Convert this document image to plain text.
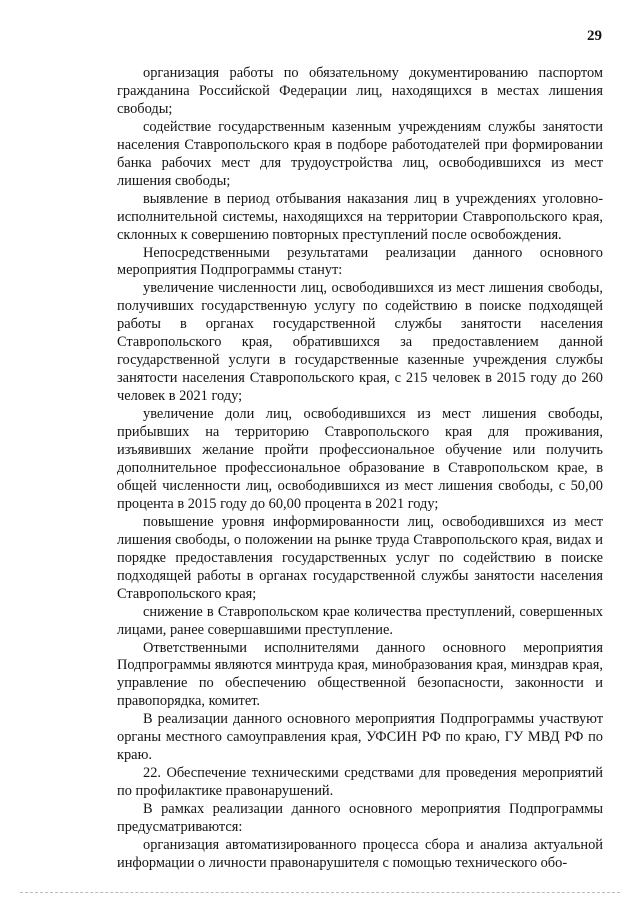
29

организация работы по обязательному документированию паспортом гражданина Российской Федерации лиц, находящихся в местах лишения свободы;

содействие государственным казенным учреждениям службы занятости населения Ставропольского края в подборе работодателей при формировании банка рабочих мест для трудоустройства лиц, освободившихся из мест лишения свободы;

выявление в период отбывания наказания лиц в учреждениях уголовно-исполнительной системы, находящихся на территории Ставропольского края, склонных к совершению повторных преступлений после освобождения.

Непосредственными результатами реализации данного основного мероприятия Подпрограммы станут:

увеличение численности лиц, освободившихся из мест лишения свободы, получивших государственную услугу по содействию в поиске подходящей работы в органах государственной службы занятости населения Ставропольского края, обратившихся за предоставлением данной государственной услуги в государственные казенные учреждения службы занятости населения Ставропольского края, с 215 человек в 2015 году до 260 человек в 2021 году;

увеличение доли лиц, освободившихся из мест лишения свободы, прибывших на территорию Ставропольского края для проживания, изъявивших желание пройти профессиональное обучение или получить дополнительное профессиональное образование в Ставропольском крае, в общей численности лиц, освободившихся из мест лишения свободы, с 50,00 процента в 2015 году до 60,00 процента в 2021 году;

повышение уровня информированности лиц, освободившихся из мест лишения свободы, о положении на рынке труда Ставропольского края, видах и порядке предоставления государственных услуг по содействию в поиске подходящей работы в органах государственной службы занятости населения Ставропольского края;

снижение в Ставропольском крае количества преступлений, совершенных лицами, ранее совершавшими преступление.

Ответственными исполнителями данного основного мероприятия Подпрограммы являются минтруда края, минобразования края, минздрав края, управление по обеспечению общественной безопасности, законности и правопорядка, комитет.

В реализации данного основного мероприятия Подпрограммы участвуют органы местного самоуправления края, УФСИН РФ по краю, ГУ МВД РФ по краю.

22. Обеспечение техническими средствами для проведения мероприятий по профилактике правонарушений.

В рамках реализации данного основного мероприятия Подпрограммы предусматриваются:

организация автоматизированного процесса сбора и анализа актуальной информации о личности правонарушителя с помощью технического обо-
